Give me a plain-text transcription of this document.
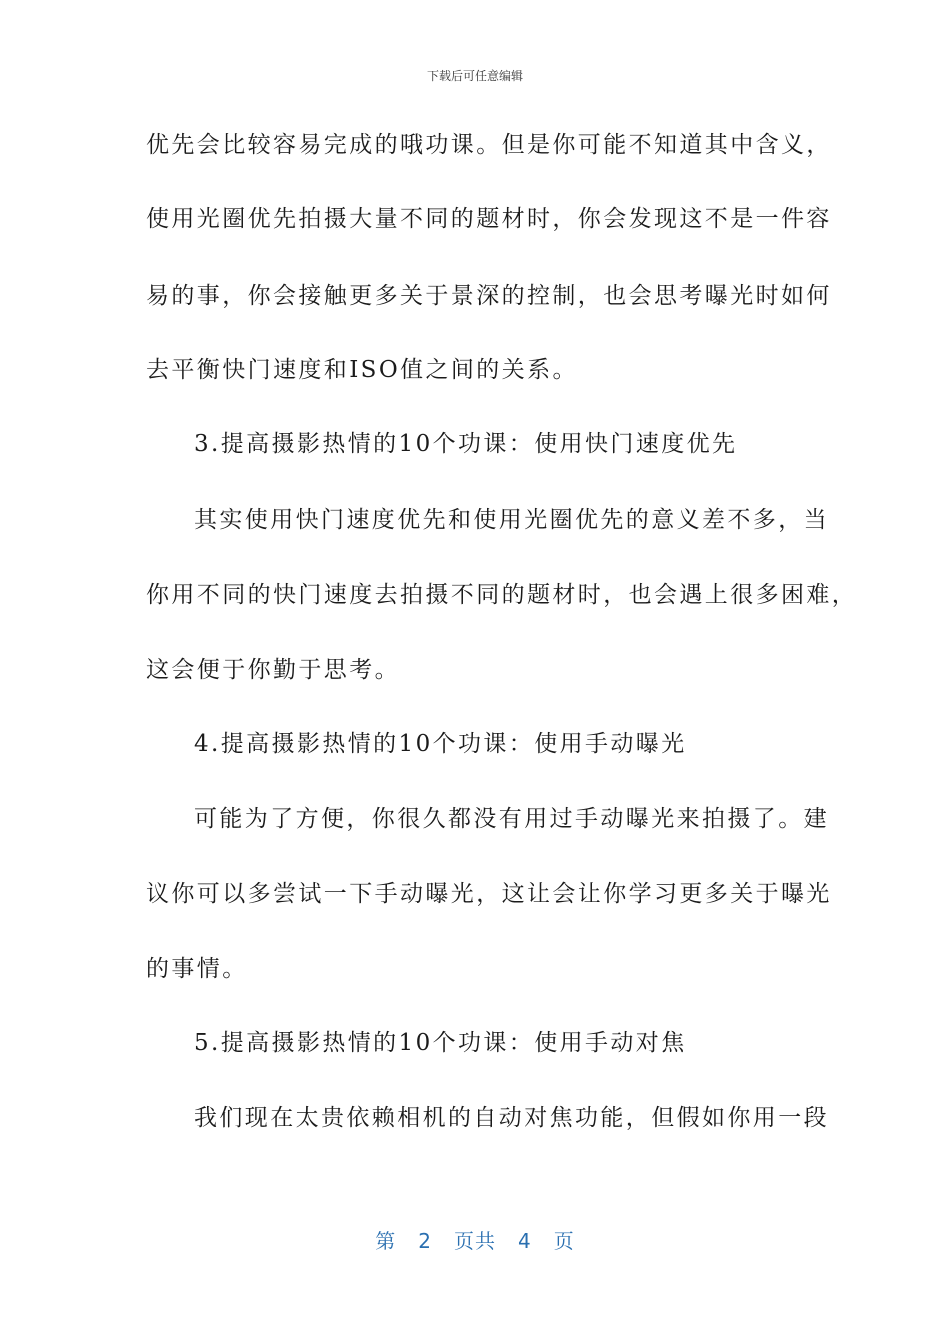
下载后可任意编辑
优先会比较容易完成的哦功课。但是你可能不知道其中含义，
使用光圈优先拍摄大量不同的题材时，你会发现这不是一件容
易的事，你会接触更多关于景深的控制，也会思考曝光时如何
去平衡快门速度和ISO值之间的关系。
3.提高摄影热情的10个功课：使用快门速度优先
其实使用快门速度优先和使用光圈优先的意义差不多，当
你用不同的快门速度去拍摄不同的题材时，也会遇上很多困难，
这会便于你勤于思考。
4.提高摄影热情的10个功课：使用手动曝光
可能为了方便，你很久都没有用过手动曝光来拍摄了。建
议你可以多尝试一下手动曝光，这让会让你学习更多关于曝光
的事情。
5.提高摄影热情的10个功课：使用手动对焦
我们现在太贵依赖相机的自动对焦功能，但假如你用一段
第 2 页共 4 页
